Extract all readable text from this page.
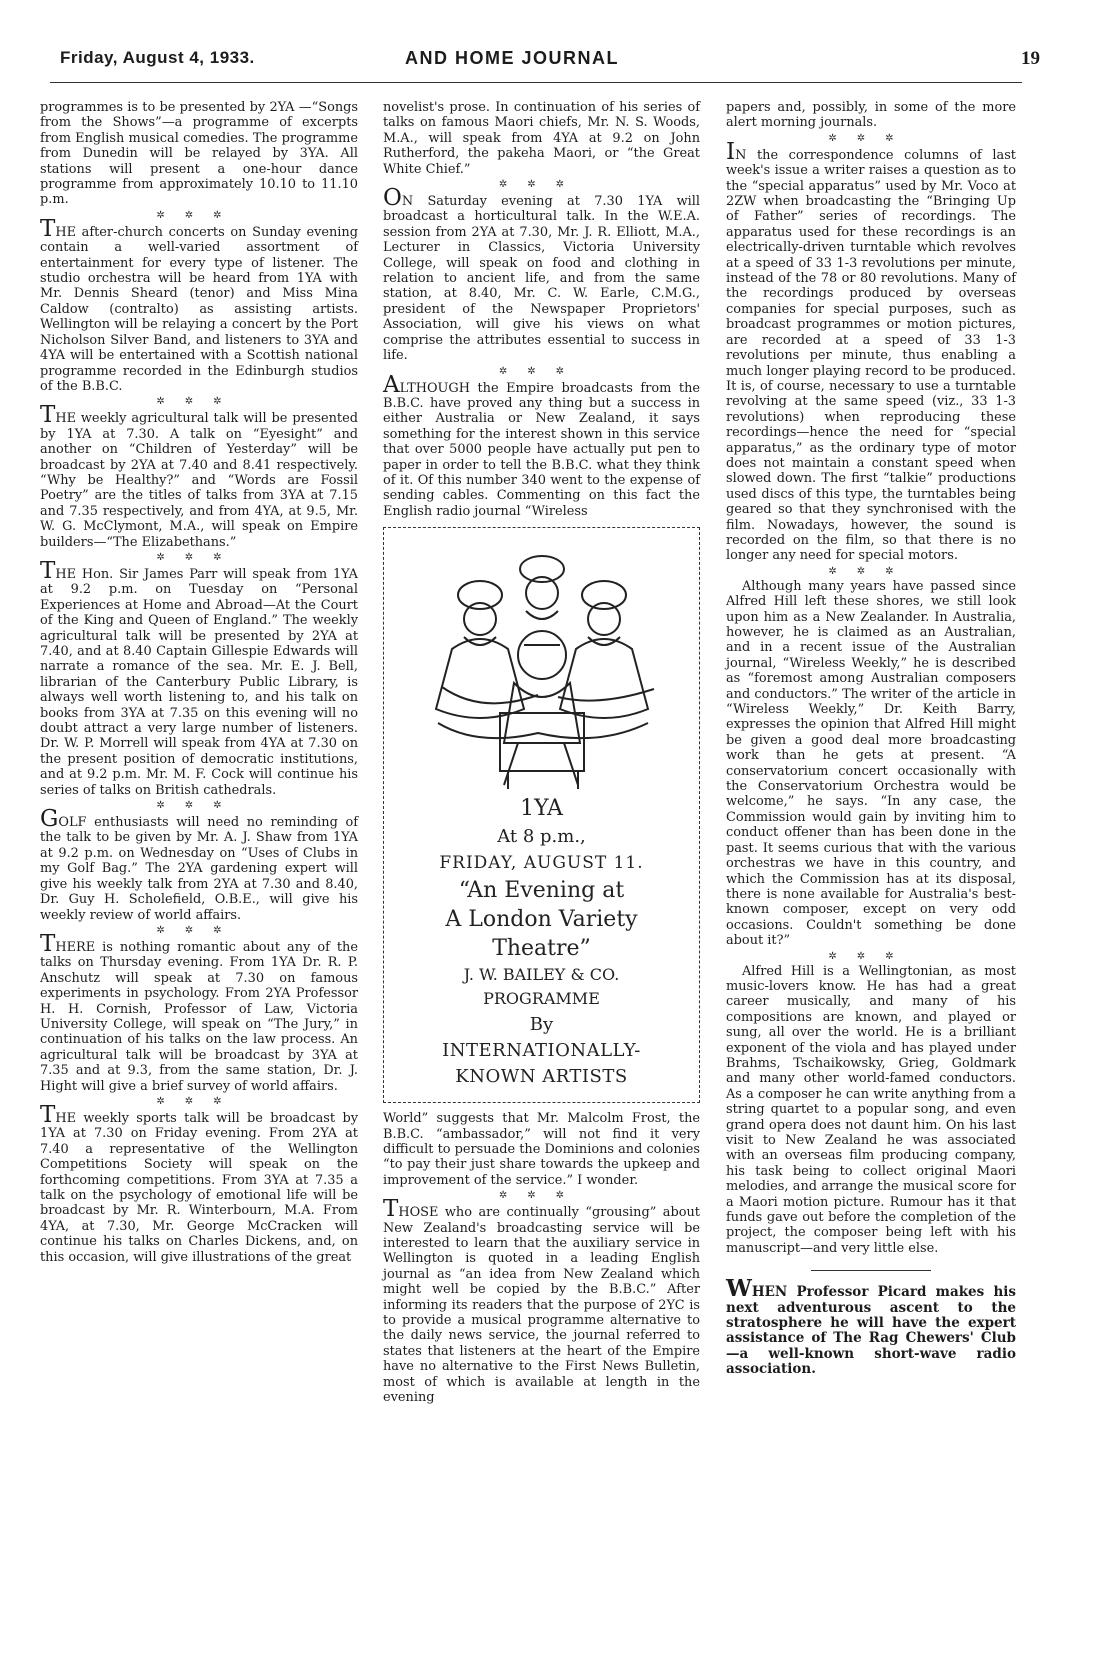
Friday, August 4, 1933.	AND HOME JOURNAL	19

programmes is to be presented by 2YA —“Songs from the Shows”—a programme of excerpts from English musical comedies. The programme from Dunedin will be relayed by 3YA. All stations will present a one-hour dance programme from approximately 10.10 to 11.10 p.m.

✲✲✲

THE after-church concerts on Sunday evening contain a well-varied assortment of entertainment for every type of listener. The studio orchestra will be heard from 1YA with Mr. Dennis Sheard (tenor) and Miss Mina Caldow (contralto) as assisting artists. Wellington will be relaying a concert by the Port Nicholson Silver Band, and listeners to 3YA and 4YA will be entertained with a Scottish national programme recorded in the Edinburgh studios of the B.B.C.

✲✲✲

THE weekly agricultural talk will be presented by 1YA at 7.30. A talk on “Eyesight” and another on “Children of Yesterday” will be broadcast by 2YA at 7.40 and 8.41 respectively. “Why be Healthy?” and “Words are Fossil Poetry” are the titles of talks from 3YA at 7.15 and 7.35 respectively, and from 4YA, at 9.5, Mr. W. G. McClymont, M.A., will speak on Empire builders—“The Elizabethans.”

✲✲✲

THE Hon. Sir James Parr will speak from 1YA at 9.2 p.m. on Tuesday on “Personal Experiences at Home and Abroad—At the Court of the King and Queen of England.” The weekly agricultural talk will be presented by 2YA at 7.40, and at 8.40 Captain Gillespie Edwards will narrate a romance of the sea. Mr. E. J. Bell, librarian of the Canterbury Public Library, is always well worth listening to, and his talk on books from 3YA at 7.35 on this evening will no doubt attract a very large number of listeners. Dr. W. P. Morrell will speak from 4YA at 7.30 on the present position of democratic institutions, and at 9.2 p.m. Mr. M. F. Cock will continue his series of talks on British cathedrals.

✲✲✲

GOLF enthusiasts will need no reminding of the talk to be given by Mr. A. J. Shaw from 1YA at 9.2 p.m. on Wednesday on “Uses of Clubs in my Golf Bag.” The 2YA gardening expert will give his weekly talk from 2YA at 7.30 and 8.40, Dr. Guy H. Scholefield, O.B.E., will give his weekly review of world affairs.

✲✲✲

THERE is nothing romantic about any of the talks on Thursday evening. From 1YA Dr. R. P. Anschutz will speak at 7.30 on famous experiments in psychology. From 2YA Professor H. H. Cornish, Professor of Law, Victoria University College, will speak on “The Jury,” in continuation of his talks on the law process. An agricultural talk will be broadcast by 3YA at 7.35 and at 9.3, from the same station, Dr. J. Hight will give a brief survey of world affairs.

✲✲✲

THE weekly sports talk will be broadcast by 1YA at 7.30 on Friday evening. From 2YA at 7.40 a representative of the Wellington Competitions Society will speak on the forthcoming competitions. From 3YA at 7.35 a talk on the psychology of emotional life will be broadcast by Mr. R. Winterbourn, M.A. From 4YA, at 7.30, Mr. George McCracken will continue his talks on Charles Dickens, and, on this occasion, will give illustrations of the great

novelist's prose. In continuation of his series of talks on famous Maori chiefs, Mr. N. S. Woods, M.A., will speak from 4YA at 9.2 on John Rutherford, the pakeha Maori, or “the Great White Chief.”

✲✲✲

ON Saturday evening at 7.30 1YA will broadcast a horticultural talk. In the W.E.A. session from 2YA at 7.30, Mr. J. R. Elliott, M.A., Lecturer in Classics, Victoria University College, will speak on food and clothing in relation to ancient life, and from the same station, at 8.40, Mr. C. W. Earle, C.M.G., president of the Newspaper Proprietors' Association, will give his views on what comprise the attributes essential to success in life.

✲✲✲

ALTHOUGH the Empire broadcasts from the B.B.C. have proved any thing but a success in either Australia or New Zealand, it says something for the interest shown in this service that over 5000 people have actually put pen to paper in order to tell the B.B.C. what they think of it. Of this number 340 went to the expense of sending cables. Commenting on this fact the English radio journal “Wireless

1YA
At 8 p.m.,
FRIDAY, AUGUST 11.
“An Evening at
A London Variety
Theatre”
J. W. BAILEY & CO.
PROGRAMME
By
INTERNATIONALLY-
KNOWN ARTISTS

World” suggests that Mr. Malcolm Frost, the B.B.C. “ambassador,” will not find it very difficult to persuade the Dominions and colonies “to pay their just share towards the upkeep and improvement of the service.” I wonder.

✲✲✲

THOSE who are continually “grousing” about New Zealand's broadcasting service will be interested to learn that the auxiliary service in Wellington is quoted in a leading English journal as “an idea from New Zealand which might well be copied by the B.B.C.” After informing its readers that the purpose of 2YC is to provide a musical programme alternative to the daily news service, the journal referred to states that listeners at the heart of the Empire have no alternative to the First News Bulletin, most of which is available at length in the evening

papers and, possibly, in some of the more alert morning journals.

✲✲✲

IN the correspondence columns of last week's issue a writer raises a question as to the “special apparatus” used by Mr. Voco at 2ZW when broadcasting the “Bringing Up of Father” series of recordings. The apparatus used for these recordings is an electrically-driven turntable which revolves at a speed of 33 1-3 revolutions per minute, instead of the 78 or 80 revolutions. Many of the recordings produced by overseas companies for special purposes, such as broadcast programmes or motion pictures, are recorded at a speed of 33 1-3 revolutions per minute, thus enabling a much longer playing record to be produced. It is, of course, necessary to use a turntable revolving at the same speed (viz., 33 1-3 revolutions) when reproducing these recordings—hence the need for “special apparatus,” as the ordinary type of motor does not maintain a constant speed when slowed down. The first “talkie” productions used discs of this type, the turntables being geared so that they synchronised with the film. Nowadays, however, the sound is recorded on the film, so that there is no longer any need for special motors.

✲✲✲

Although many years have passed since Alfred Hill left these shores, we still look upon him as a New Zealander. In Australia, however, he is claimed as an Australian, and in a recent issue of the Australian journal, “Wireless Weekly,” he is described as “foremost among Australian composers and conductors.” The writer of the article in “Wireless Weekly,” Dr. Keith Barry, expresses the opinion that Alfred Hill might be given a good deal more broadcasting work than he gets at present. “A conservatorium concert occasionally with the Conservatorium Orchestra would be welcome,” he says. “In any case, the Commission would gain by inviting him to conduct offener than has been done in the past. It seems curious that with the various orchestras we have in this country, and which the Commission has at its disposal, there is none available for Australia's best-known composer, except on very odd occasions. Couldn't something be done about it?”

✲✲✲

Alfred Hill is a Wellingtonian, as most music-lovers know. He has had a great career musically, and many of his compositions are known, and played or sung, all over the world. He is a brilliant exponent of the viola and has played under Brahms, Tschaikowsky, Grieg, Goldmark and many other world-famed conductors. As a composer he can write anything from a string quartet to a popular song, and even grand opera does not daunt him. On his last visit to New Zealand he was associated with an overseas film producing company, his task being to collect original Maori melodies, and arrange the musical score for a Maori motion picture. Rumour has it that funds gave out before the completion of the project, the composer being left with his manuscript—and very little else.

WHEN Professor Picard makes his next adventurous ascent to the stratosphere he will have the expert assistance of The Rag Chewers' Club—a well-known short-wave radio association.
